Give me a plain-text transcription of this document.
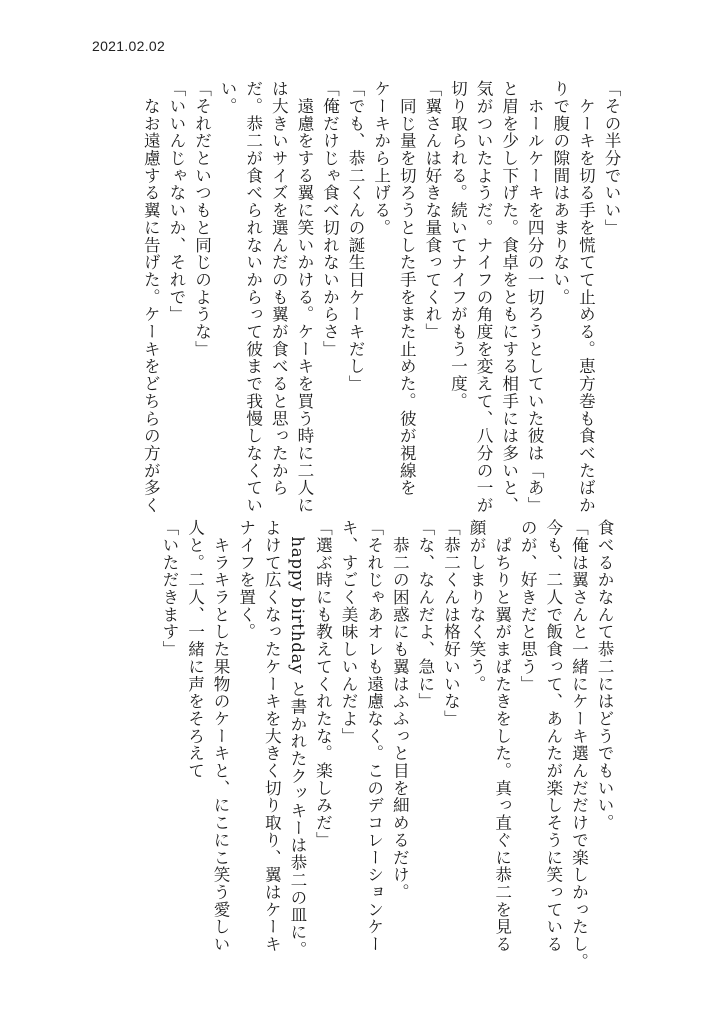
2021.02.02

「その半分でいい」

　ケーキを切る手を慌てて止める。恵方巻も食べたばか

りで腹の隙間はあまりない。

　ホールケーキを四分の一切ろうとしていた彼は「あ」

と眉を少し下げた。食卓をともにする相手には多いと、

気がついたようだ。ナイフの角度を変えて、八分の一が

切り取られる。続いてナイフがもう一度。

「翼さんは好きな量食ってくれ」

　同じ量を切ろうとした手をまた止めた。彼が視線を

ケーキから上げる。

「でも、恭二くんの誕生日ケーキだし」

「俺だけじゃ食べ切れないからさ」

　遠慮をする翼に笑いかける。ケーキを買う時に二人に

は大きいサイズを選んだのも翼が食べると思ったから

だ。恭二が食べられないからって彼まで我慢しなくてい

い。

「それだといつもと同じのような」

「いいんじゃないか、それで」

　なお遠慮する翼に告げた。ケーキをどちらの方が多く

食べるかなんて恭二にはどうでもいい。

「俺は翼さんと一緒にケーキ選んだだけで楽しかったし。

今も、二人で飯食って、あんたが楽しそうに笑っている

のが、好きだと思う」

　ぱちりと翼がまばたきをした。真っ直ぐに恭二を見る

顔がしまりなく笑う。

「恭二くんは格好いいな」

「な、なんだよ、急に」

　恭二の困惑にも翼はふふっと目を細めるだけ。

「それじゃあオレも遠慮なく。このデコレーションケー

キ、すごく美味しいんだよ」

「選ぶ時にも教えてくれたな。楽しみだ」

　happy birthday と書かれたクッキーは恭二の皿に。

よけて広くなったケーキを大きく切り取り、翼はケーキ

ナイフを置く。

　キラキラとした果物のケーキと、にこにこ笑う愛しい

人と。二人、一緒に声をそろえて

「いただきます」
